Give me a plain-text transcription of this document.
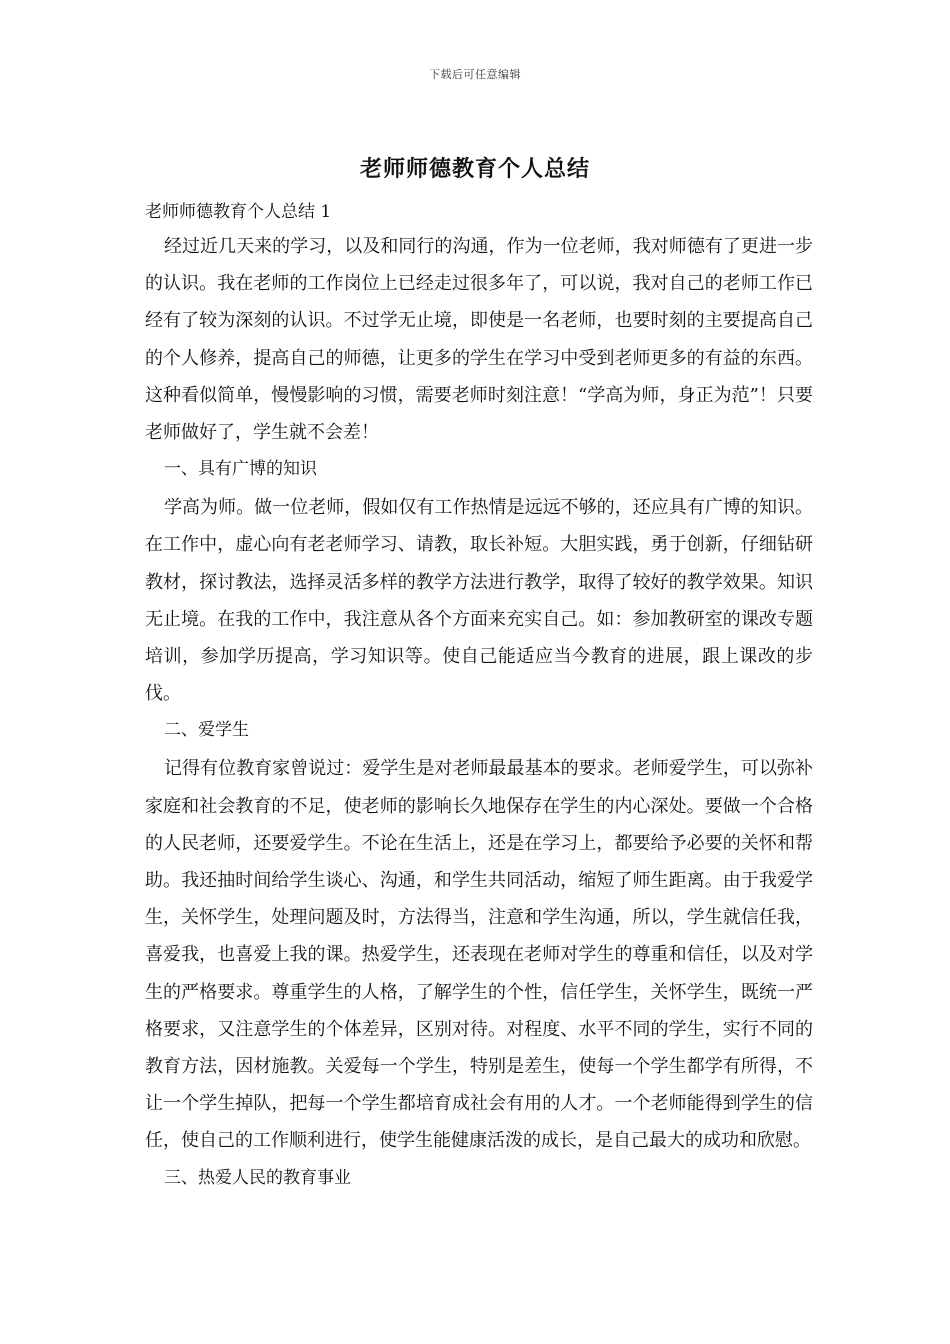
下载后可任意编辑
老师师德教育个人总结

老师师德教育个人总结 1

经过近几天来的学习，以及和同行的沟通，作为一位老师，我对师德有了更进一步的认识。我在老师的工作岗位上已经走过很多年了，可以说，我对自己的老师工作已经有了较为深刻的认识。不过学无止境，即使是一名老师，也要时刻的主要提高自己的个人修养，提高自己的师德，让更多的学生在学习中受到老师更多的有益的东西。这种看似简单，慢慢影响的习惯，需要老师时刻注意！“学高为师，身正为范”！只要老师做好了，学生就不会差！

一、具有广博的知识

学高为师。做一位老师，假如仅有工作热情是远远不够的，还应具有广博的知识。在工作中，虚心向有老老师学习、请教，取长补短。大胆实践，勇于创新，仔细钻研教材，探讨教法，选择灵活多样的教学方法进行教学，取得了较好的教学效果。知识无止境。在我的工作中，我注意从各个方面来充实自己。如：参加教研室的课改专题培训，参加学历提高，学习知识等。使自己能适应当今教育的进展，跟上课改的步伐。

二、爱学生

记得有位教育家曾说过：爱学生是对老师最最基本的要求。老师爱学生，可以弥补家庭和社会教育的不足，使老师的影响长久地保存在学生的内心深处。要做一个合格的人民老师，还要爱学生。不论在生活上，还是在学习上，都要给予必要的关怀和帮助。我还抽时间给学生谈心、沟通，和学生共同活动，缩短了师生距离。由于我爱学生，关怀学生，处理问题及时，方法得当，注意和学生沟通，所以，学生就信任我，喜爱我，也喜爱上我的课。热爱学生，还表现在老师对学生的尊重和信任，以及对学生的严格要求。尊重学生的人格，了解学生的个性，信任学生，关怀学生，既统一严格要求，又注意学生的个体差异，区别对待。对程度、水平不同的学生，实行不同的教育方法，因材施教。关爱每一个学生，特别是差生，使每一个学生都学有所得，不让一个学生掉队，把每一个学生都培育成社会有用的人才。一个老师能得到学生的信任，使自己的工作顺利进行，使学生能健康活泼的成长，是自己最大的成功和欣慰。

三、热爱人民的教育事业
